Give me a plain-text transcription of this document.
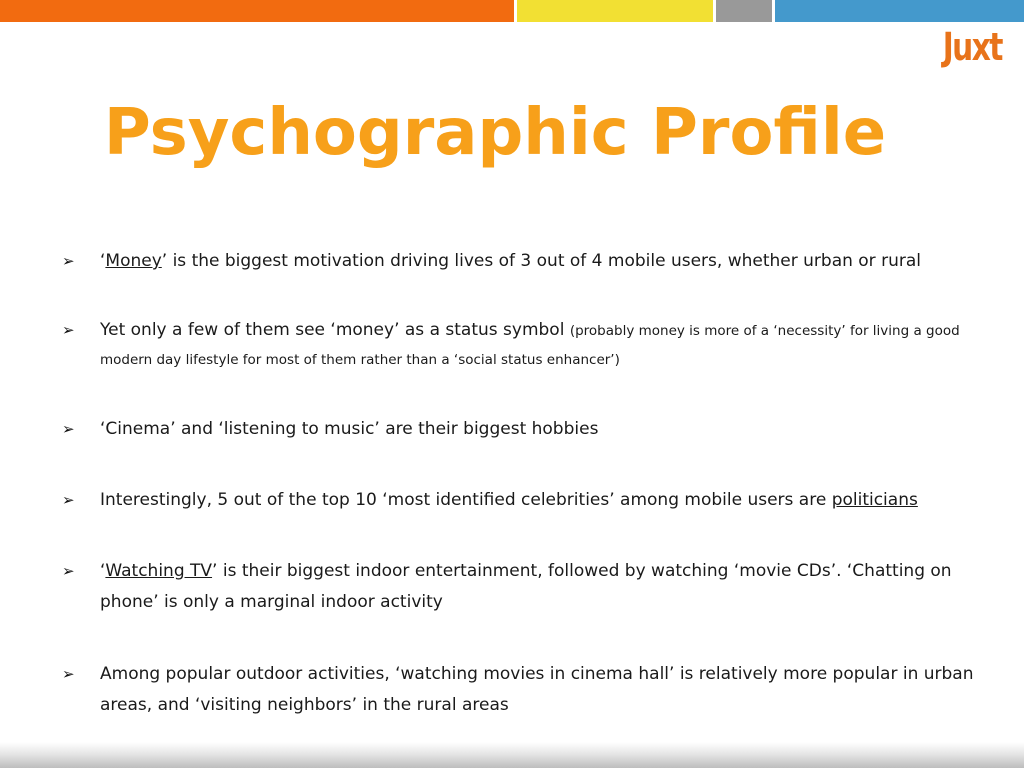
Juxt
Psychographic Profile
➢	‘Money’ is the biggest motivation driving lives of 3 out of 4 mobile users, whether urban or rural
➢	Yet only a few of them see ‘money’ as a status symbol (probably money is more of a ‘necessity’ for living a good modern day lifestyle for most of them rather than a ‘social status enhancer’)
➢	‘Cinema’ and ‘listening to music’ are their biggest hobbies
➢	Interestingly, 5 out of the top 10 ‘most identified celebrities’ among mobile users are politicians
➢	‘Watching TV’ is their biggest indoor entertainment, followed by watching ‘movie CDs’. ‘Chatting on phone’ is only a marginal indoor activity
➢	Among popular outdoor activities, ‘watching movies in cinema hall’ is relatively more popular in urban areas, and ‘visiting neighbors’ in the rural areas
